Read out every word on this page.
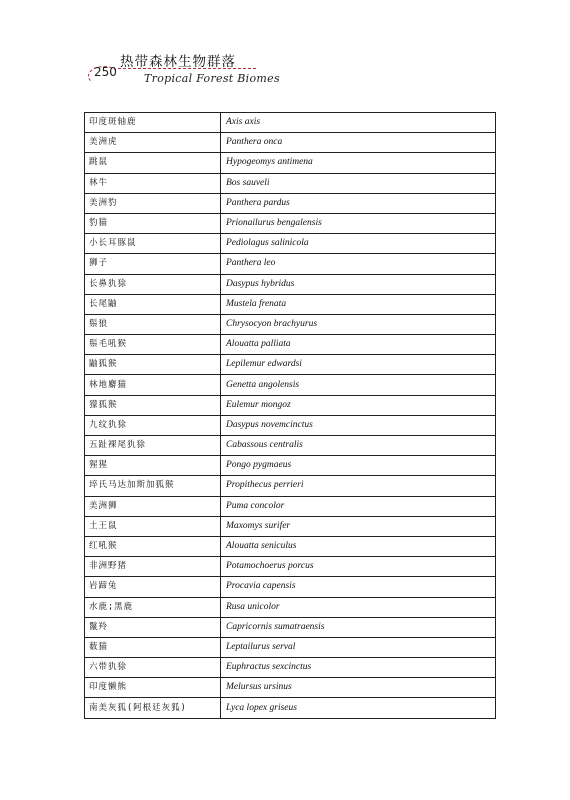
250
热带森林生物群落
Tropical Forest Biomes
印度斑轴鹿	Axis axis
美洲虎	Panthera onca
跳鼠	Hypogeomys antimena
林牛	Bos sauveli
美洲豹	Panthera pardus
豹猫	Prionailurus bengalensis
小长耳豚鼠	Pediolagus salinicola
狮子	Panthera leo
长鼻犰狳	Dasypus hybridus
长尾鼬	Mustela frenata
鬃狼	Chrysocyon brachyurus
鬃毛吼猴	Alouatta palliata
鼬狐猴	Lepilemur edwardsi
林地麝猫	Genetta angolensis
獴狐猴	Eulemur mongoz
九纹犰狳	Dasypus novemcinctus
五趾裸尾犰狳	Cabassous centralis
猩猩	Pongo pygmaeus
埣氏马达加斯加狐猴	Propithecus perrieri
美洲狮	Puma concolor
土王鼠	Maxomys surifer
红吼猴	Alouatta seniculus
非洲野猪	Potamochoerus porcus
岩蹄兔	Procavia capensis
水鹿;黑鹿	Rusa unicolor
鬣羚	Capricornis sumatraensis
薮猫	Leptailurus serval
六带犰狳	Euphractus sexcinctus
印度懒熊	Melursus ursinus
南美灰狐(阿根廷灰狐)	Lyca lopex griseus
